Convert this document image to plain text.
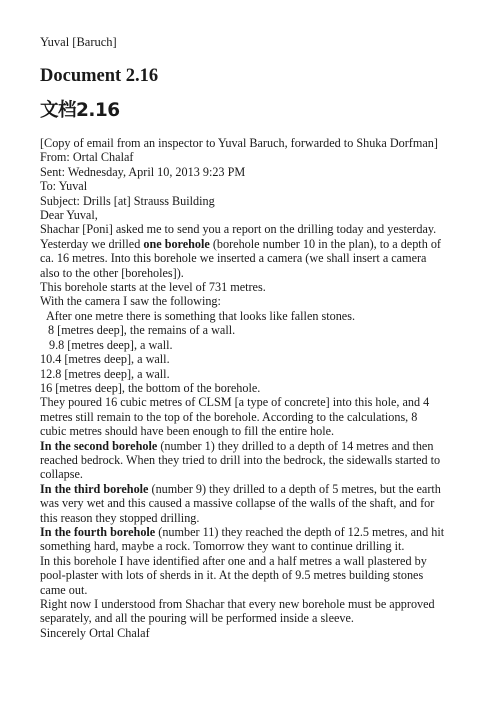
Yuval [Baruch]
Document 2.16
文档2.16

[Copy of email from an inspector to Yuval Baruch, forwarded to Shuka Dorfman]

From: Ortal Chalaf

Sent: Wednesday, April 10, 2013 9:23 PM

To: Yuval

Subject: Drills [at] Strauss Building

Dear Yuval,

Shachar [Poni] asked me to send you a report on the drilling today and yesterday.

Yesterday we drilled one borehole (borehole number 10 in the plan), to a depth of

ca. 16 metres. Into this borehole we inserted a camera (we shall insert a camera

also to the other [boreholes]).

This borehole starts at the level of 731 metres.

With the camera I saw the following:

After one metre there is something that looks like fallen stones.

8 [metres deep], the remains of a wall.

9.8 [metres deep], a wall.

10.4 [metres deep], a wall.

12.8 [metres deep], a wall.

16 [metres deep], the bottom of the borehole.

They poured 16 cubic metres of CLSM [a type of concrete] into this hole, and 4

metres still remain to the top of the borehole. According to the calculations, 8

cubic metres should have been enough to fill the entire hole.

In the second borehole (number 1) they drilled to a depth of 14 metres and then

reached bedrock. When they tried to drill into the bedrock, the sidewalls started to

collapse.

In the third borehole (number 9) they drilled to a depth of 5 metres, but the earth

was very wet and this caused a massive collapse of the walls of the shaft, and for

this reason they stopped drilling.

In the fourth borehole (number 11) they reached the depth of 12.5 metres, and hit

something hard, maybe a rock. Tomorrow they want to continue drilling it.

In this borehole I have identified after one and a half metres a wall plastered by

pool-plaster with lots of sherds in it. At the depth of 9.5 metres building stones

came out.

Right now I understood from Shachar that every new borehole must be approved

separately, and all the pouring will be performed inside a sleeve.

Sincerely Ortal Chalaf
